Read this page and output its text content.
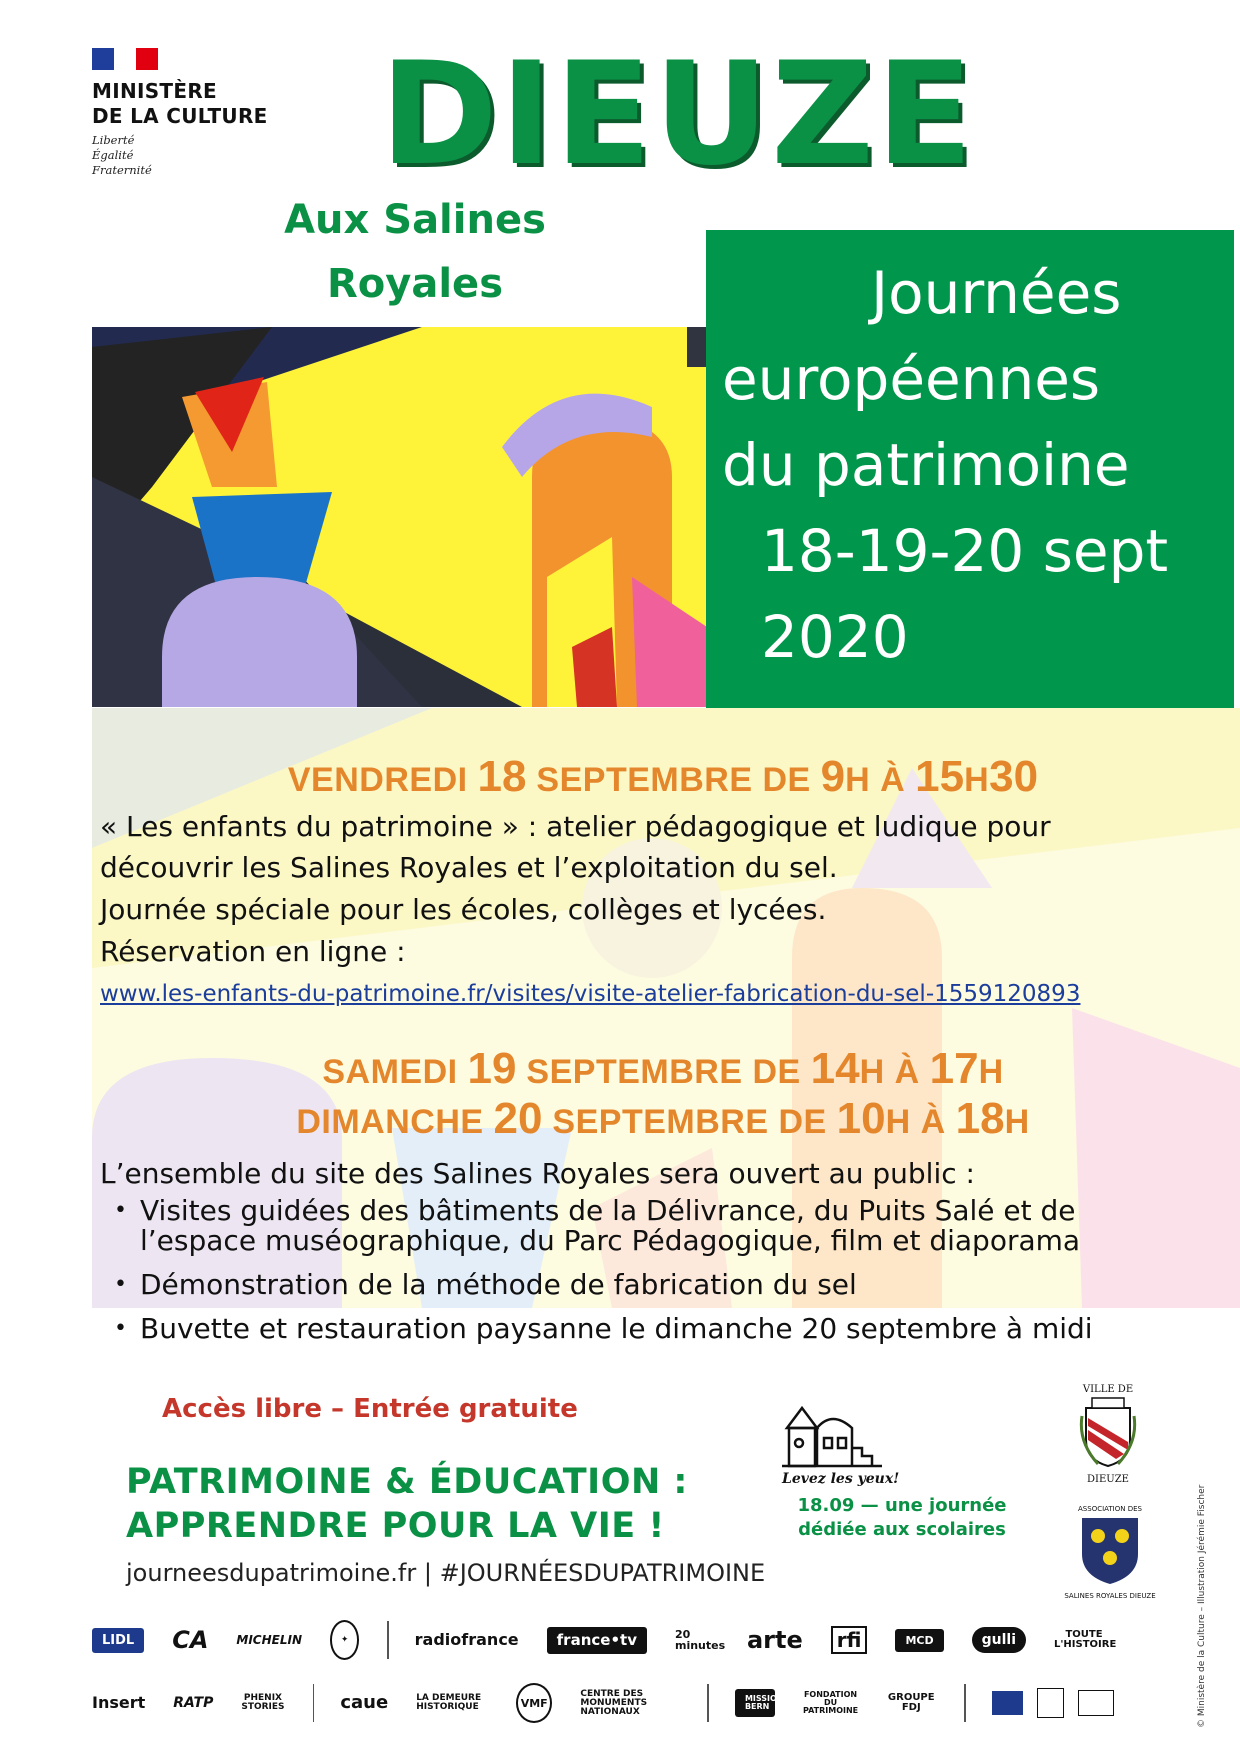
MINISTÈRE
DE LA CULTURE
Liberté
Égalité
Fraternité	DIEUZE
Aux Salines
Royales	Journées
européennes
du patrimoine
18-19-20 sept
2020
VENDREDI 18 SEPTEMBRE DE 9H À 15H30
« Les enfants du patrimoine » : atelier pédagogique et ludique pour
découvrir les Salines Royales et l’exploitation du sel.
Journée spéciale pour les écoles, collèges et lycées.
Réservation en ligne :
www.les-enfants-du-patrimoine.fr/visites/visite-atelier-fabrication-du-sel-1559120893
SAMEDI 19 SEPTEMBRE DE 14H À 17H
DIMANCHE 20 SEPTEMBRE DE 10H À 18H
L’ensemble du site des Salines Royales sera ouvert au public :
• Visites guidées des bâtiments de la Délivrance, du Puits Salé et de
l’espace muséographique, du Parc Pédagogique, film et diaporama
• Démonstration de la méthode de fabrication du sel
• Buvette et restauration paysanne le dimanche 20 septembre à midi
Accès libre – Entrée gratuite
PATRIMOINE & ÉDUCATION :
APPRENDRE POUR LA VIE !
journeesdupatrimoine.fr | #JOURNÉESDUPATRIMOINE
Levez les yeux!
18.09 — une journée
dédiée aux scolaires
VILLE DE
DIEUZE
ASSOCIATION DES
SALINES ROYALES DIEUZE	© Ministère de la Culture – Illustration Jérémie Fischer
LIDL	CA MICHELIN	✦	radiofrance	france•tv	20 minutes arte	rfi	MCD	gulli	TOUTE L'HISTOIRE
Insert RATP	PHENIX STORIES	caue	LA DEMEURE HISTORIQUE	VMF
CENTRE DES MONUMENTS NATIONAUX
MISSION BERN
FONDATION DU PATRIMOINE
GROUPE FDJ
